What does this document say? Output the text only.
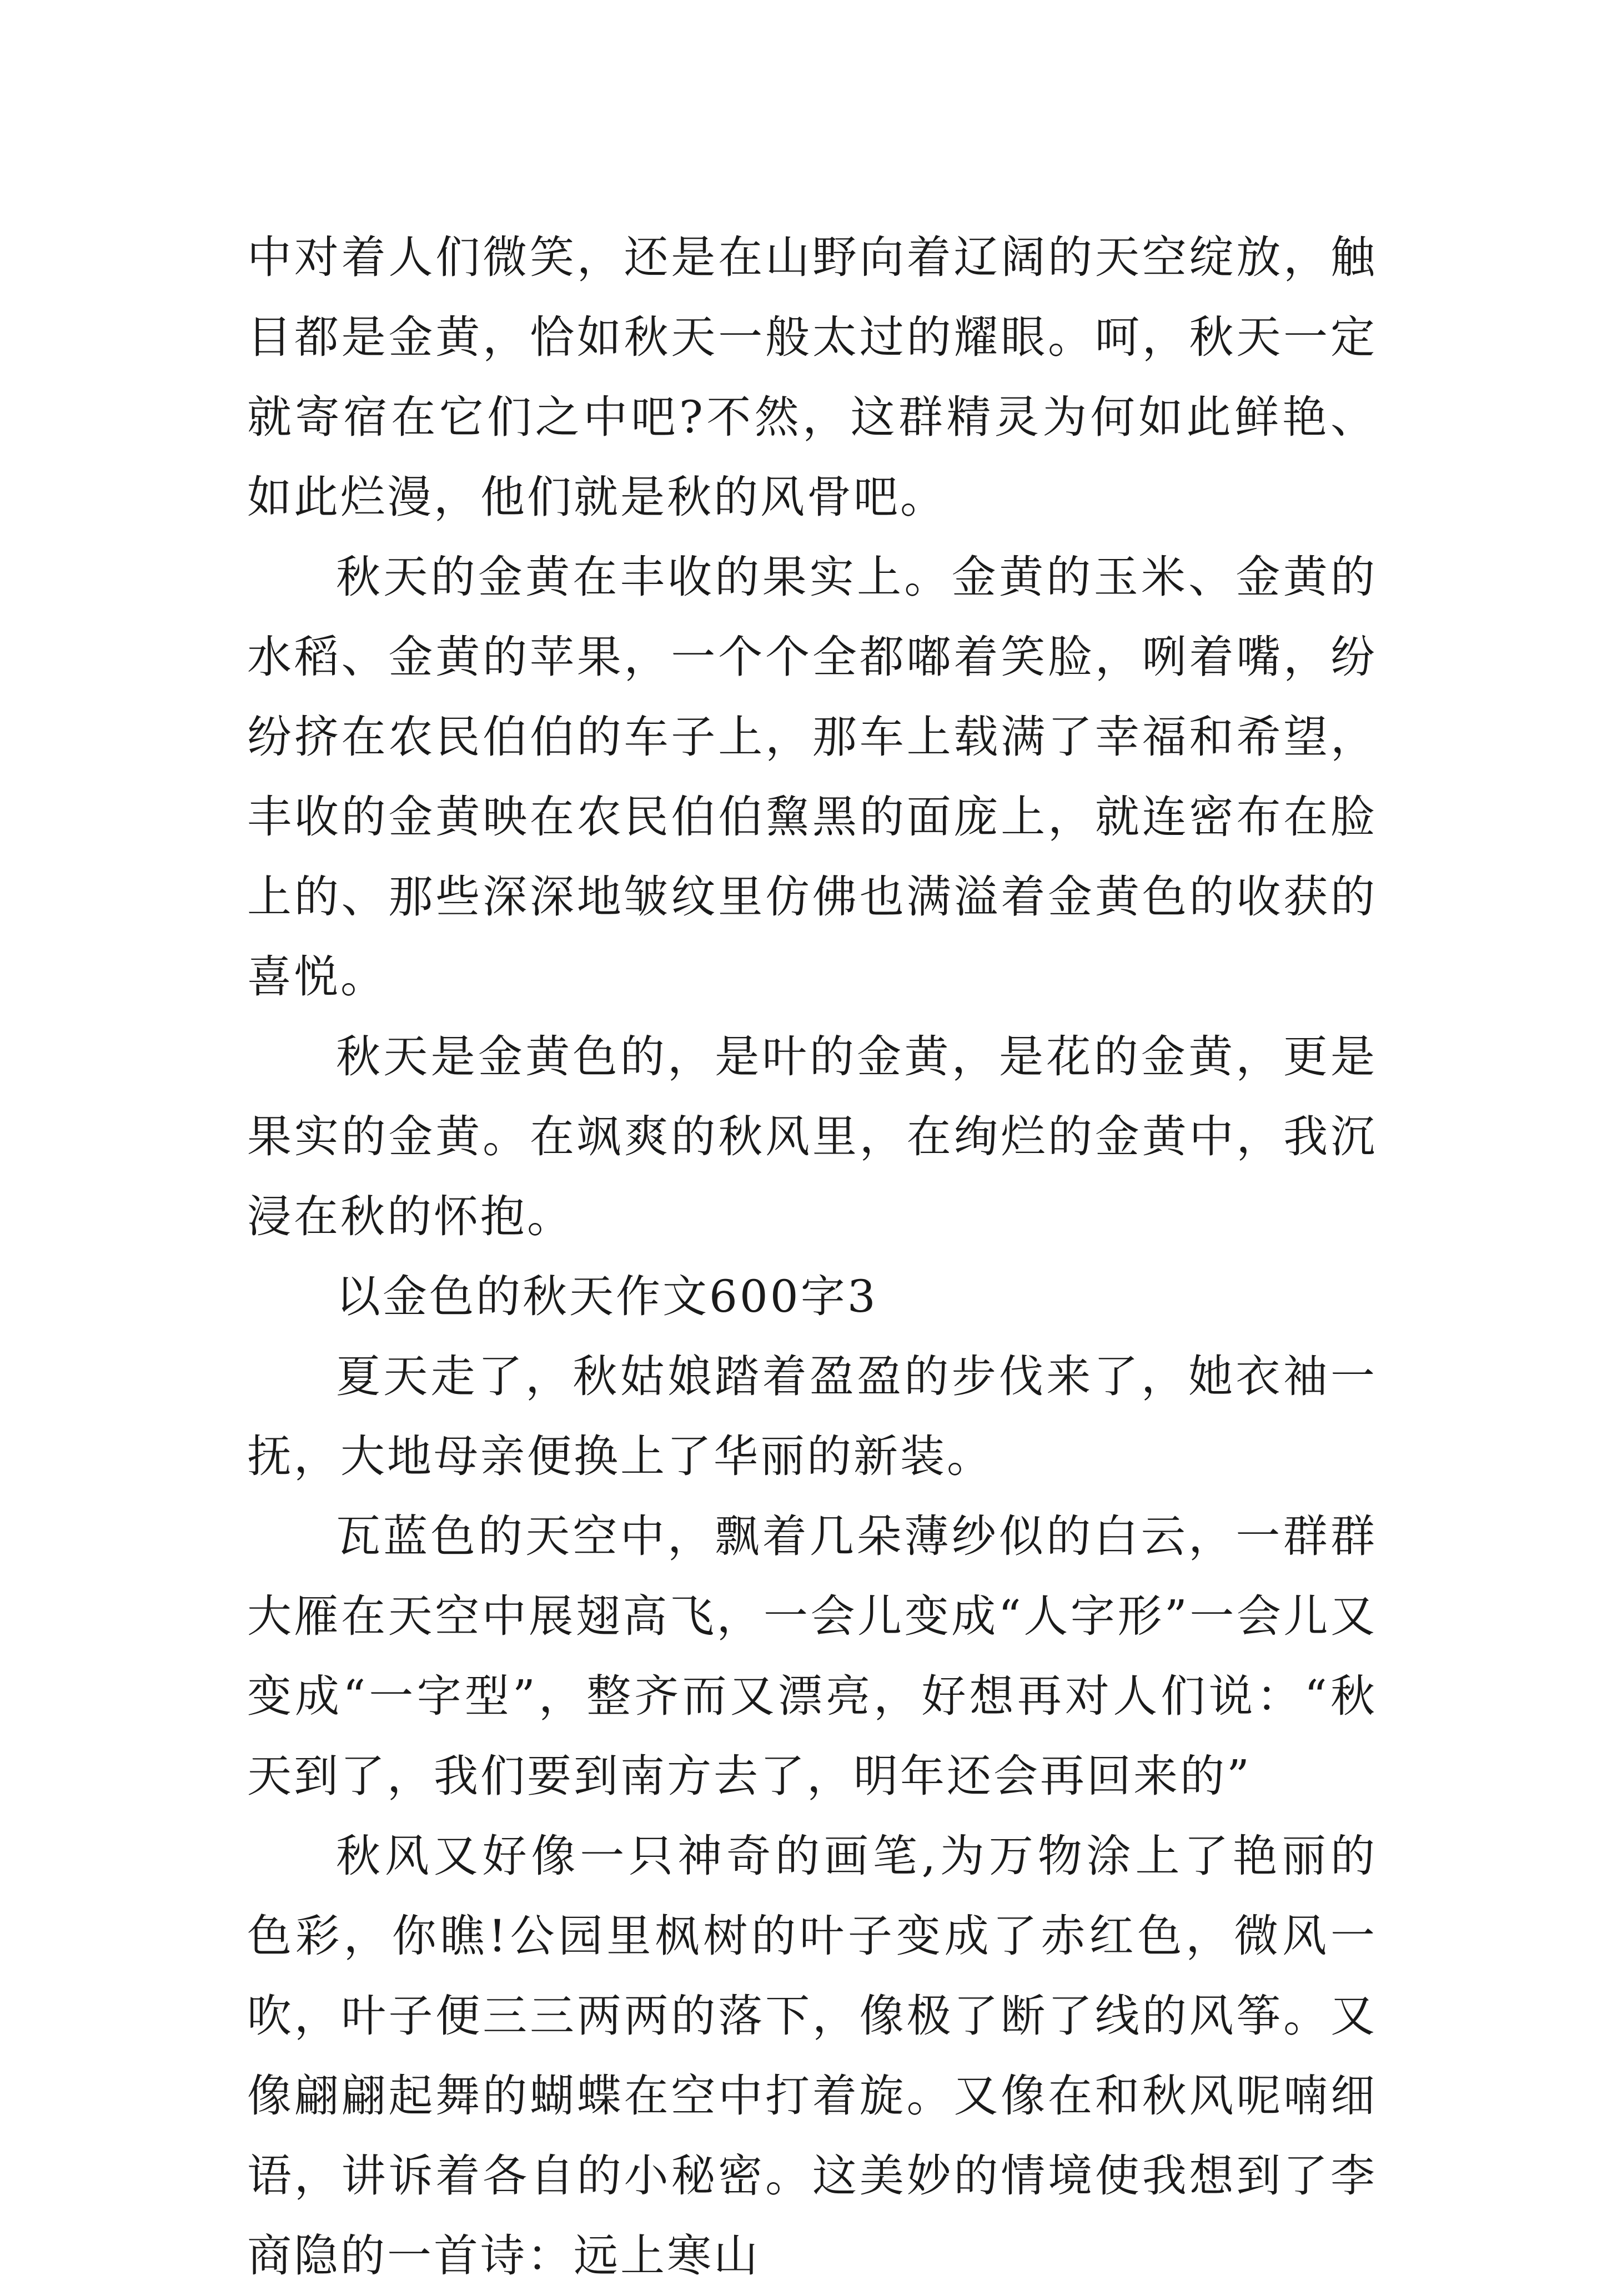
中对着人们微笑，还是在山野向着辽阔的天空绽放，触目都是金黄，恰如秋天一般太过的耀眼。呵，秋天一定就寄宿在它们之中吧?不然，这群精灵为何如此鲜艳、如此烂漫，他们就是秋的风骨吧。

秋天的金黄在丰收的果实上。金黄的玉米、金黄的水稻、金黄的苹果，一个个全都嘟着笑脸，咧着嘴，纷纷挤在农民伯伯的车子上，那车上载满了幸福和希望，丰收的金黄映在农民伯伯黧黑的面庞上，就连密布在脸上的、那些深深地皱纹里仿佛也满溢着金黄色的收获的喜悦。

秋天是金黄色的，是叶的金黄，是花的金黄，更是果实的金黄。在飒爽的秋风里，在绚烂的金黄中，我沉浸在秋的怀抱。

以金色的秋天作文600字3

夏天走了，秋姑娘踏着盈盈的步伐来了，她衣袖一抚，大地母亲便换上了华丽的新装。

瓦蓝色的天空中，飘着几朵薄纱似的白云，一群群大雁在天空中展翅高飞，一会儿变成“人字形”一会儿又变成“一字型”，整齐而又漂亮，好想再对人们说：“秋天到了，我们要到南方去了，明年还会再回来的”

秋风又好像一只神奇的画笔,为万物涂上了艳丽的色彩，你瞧!公园里枫树的叶子变成了赤红色，微风一吹，叶子便三三两两的落下，像极了断了线的风筝。又像翩翩起舞的蝴蝶在空中打着旋。又像在和秋风呢喃细语，讲诉着各自的小秘密。这美妙的情境使我想到了李商隐的一首诗：远上寒山
